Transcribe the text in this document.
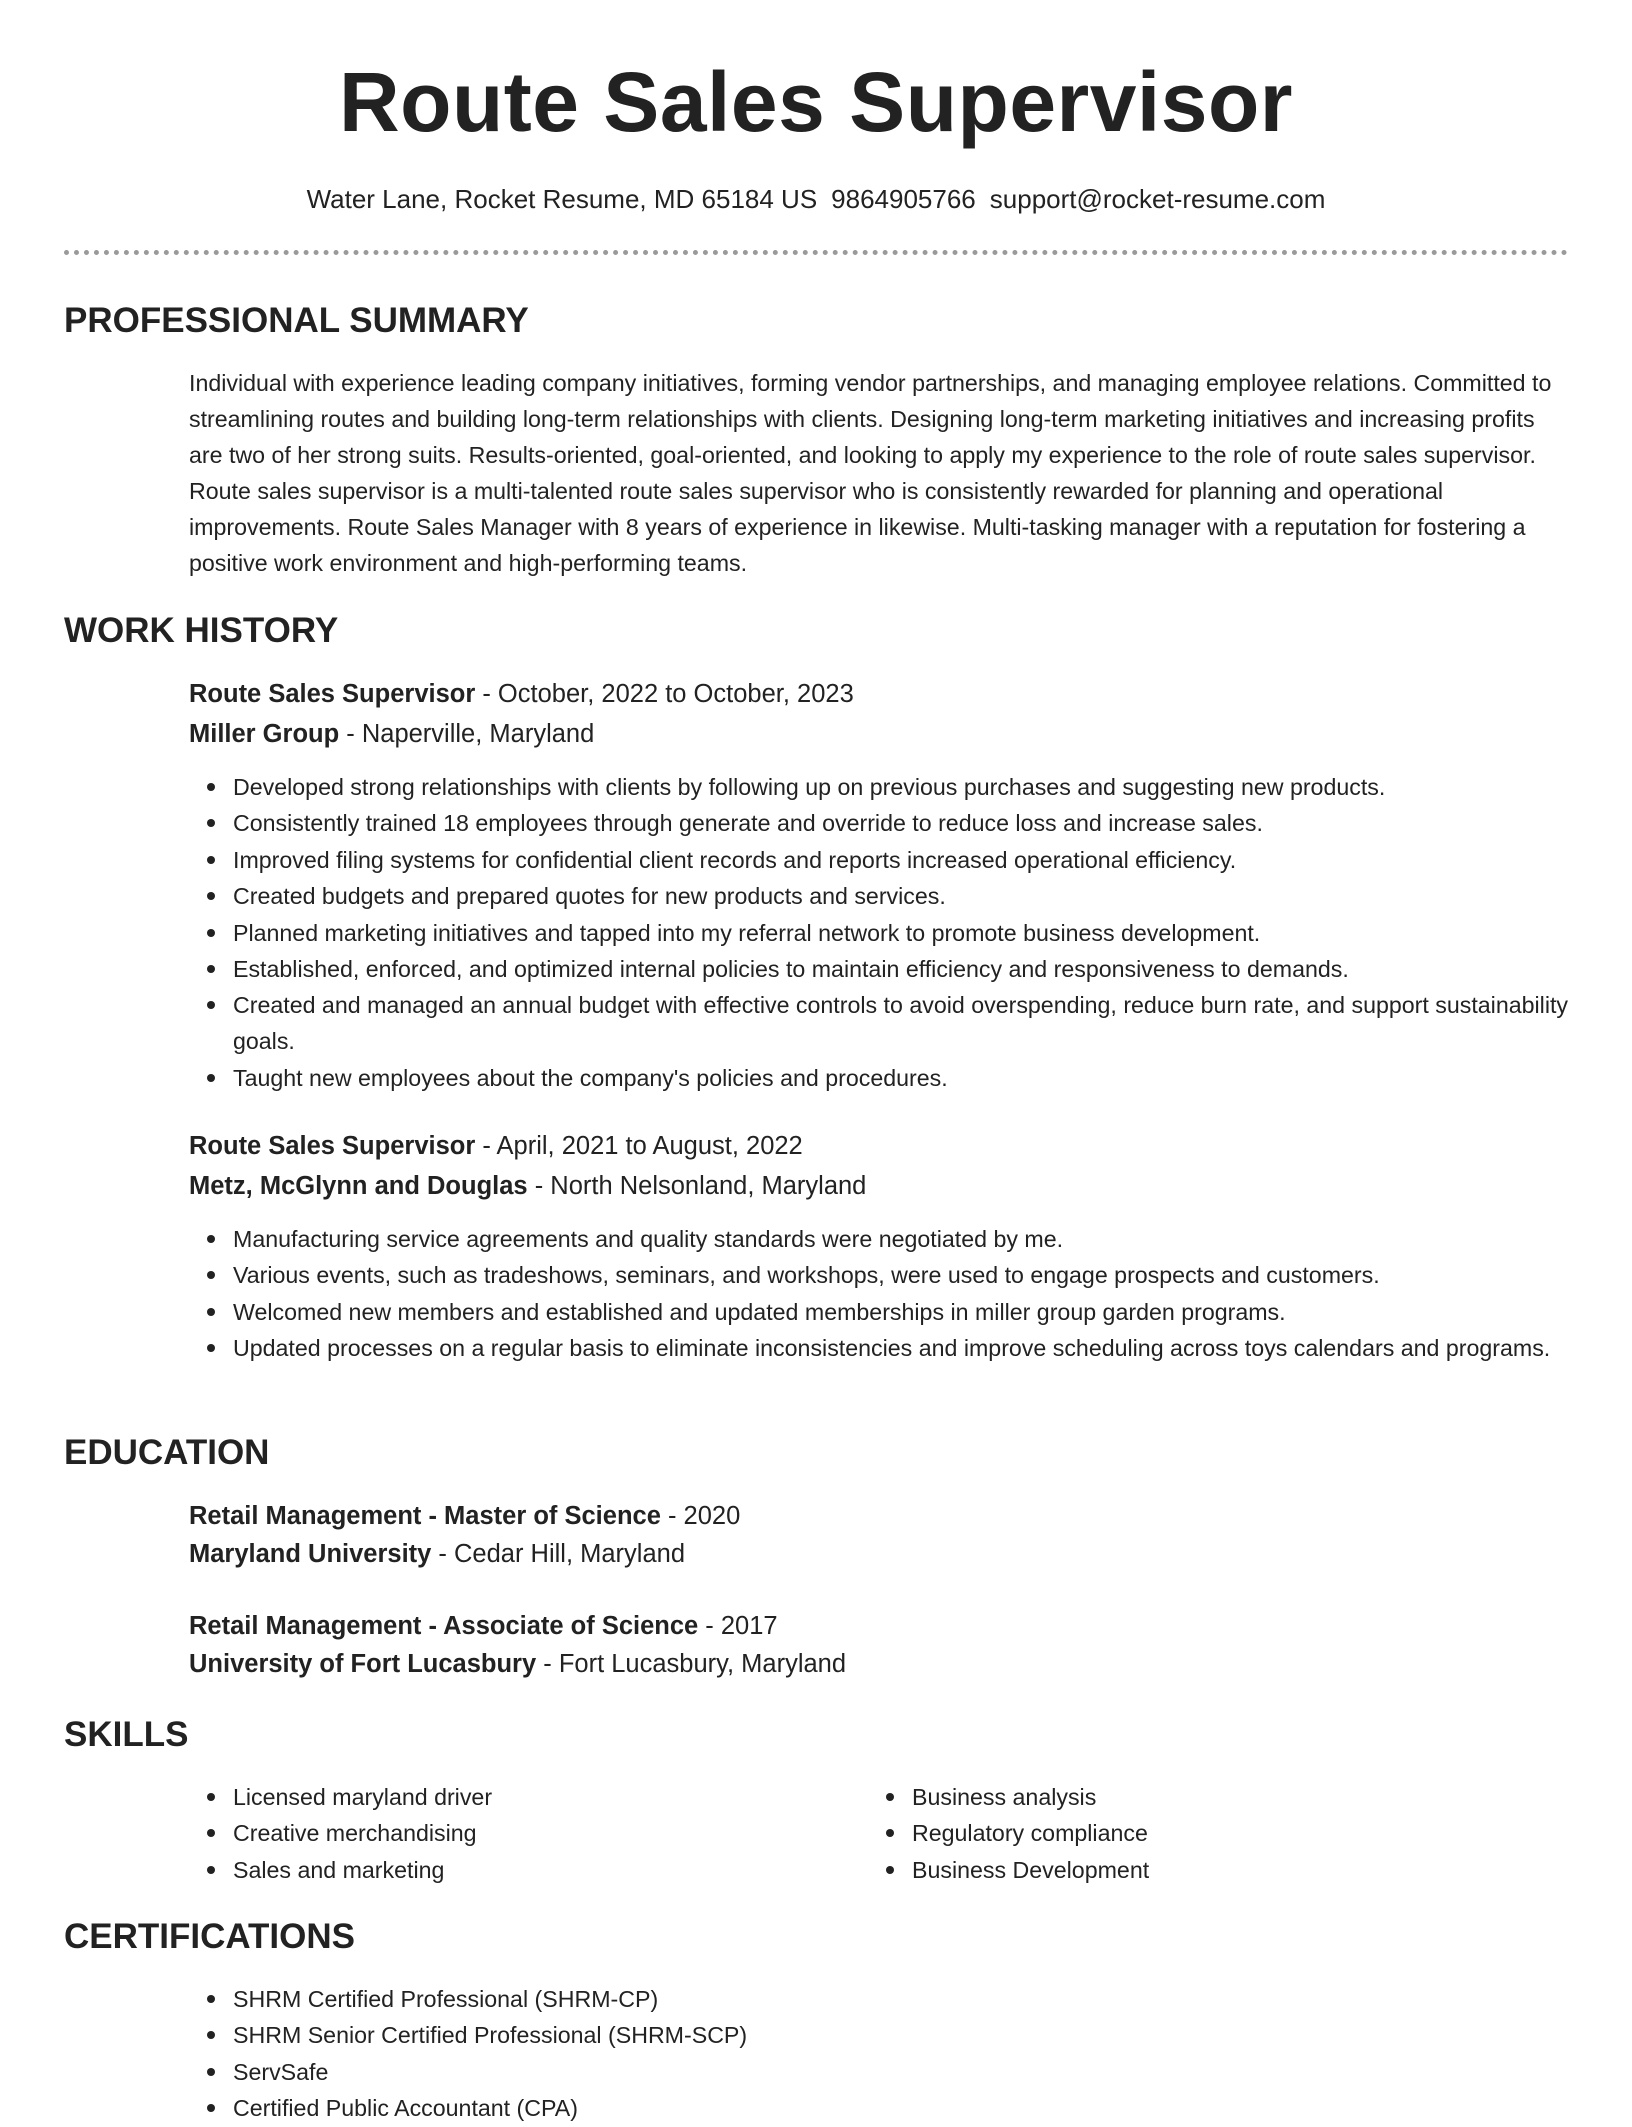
Route Sales Supervisor
Water Lane, Rocket Resume, MD 65184 US 9864905766 support@rocket-resume.com
PROFESSIONAL SUMMARY

Individual with experience leading company initiatives, forming vendor partnerships, and managing employee relations. Committed to streamlining routes and building long-term relationships with clients. Designing long-term marketing initiatives and increasing profits are two of her strong suits. Results-oriented, goal-oriented, and looking to apply my experience to the role of route sales supervisor. Route sales supervisor is a multi-talented route sales supervisor who is consistently rewarded for planning and operational improvements. Route Sales Manager with 8 years of experience in likewise. Multi-tasking manager with a reputation for fostering a positive work environment and high-performing teams.

WORK HISTORY
Route Sales Supervisor - October, 2022 to October, 2023
Miller Group - Naperville, Maryland
Developed strong relationships with clients by following up on previous purchases and suggesting new products.
Consistently trained 18 employees through generate and override to reduce loss and increase sales.
Improved filing systems for confidential client records and reports increased operational efficiency.
Created budgets and prepared quotes for new products and services.
Planned marketing initiatives and tapped into my referral network to promote business development.
Established, enforced, and optimized internal policies to maintain efficiency and responsiveness to demands.
Created and managed an annual budget with effective controls to avoid overspending, reduce burn rate, and support sustainability goals.
Taught new employees about the company's policies and procedures.
Route Sales Supervisor - April, 2021 to August, 2022
Metz, McGlynn and Douglas - North Nelsonland, Maryland
Manufacturing service agreements and quality standards were negotiated by me.
Various events, such as tradeshows, seminars, and workshops, were used to engage prospects and customers.
Welcomed new members and established and updated memberships in miller group garden programs.
Updated processes on a regular basis to eliminate inconsistencies and improve scheduling across toys calendars and programs.
EDUCATION
Retail Management - Master of Science - 2020
Maryland University - Cedar Hill, Maryland
Retail Management - Associate of Science - 2017
University of Fort Lucasbury - Fort Lucasbury, Maryland
SKILLS
Licensed maryland driver
Creative merchandising
Sales and marketing
Business analysis
Regulatory compliance
Business Development
CERTIFICATIONS
SHRM Certified Professional (SHRM-CP)
SHRM Senior Certified Professional (SHRM-SCP)
ServSafe
Certified Public Accountant (CPA)
